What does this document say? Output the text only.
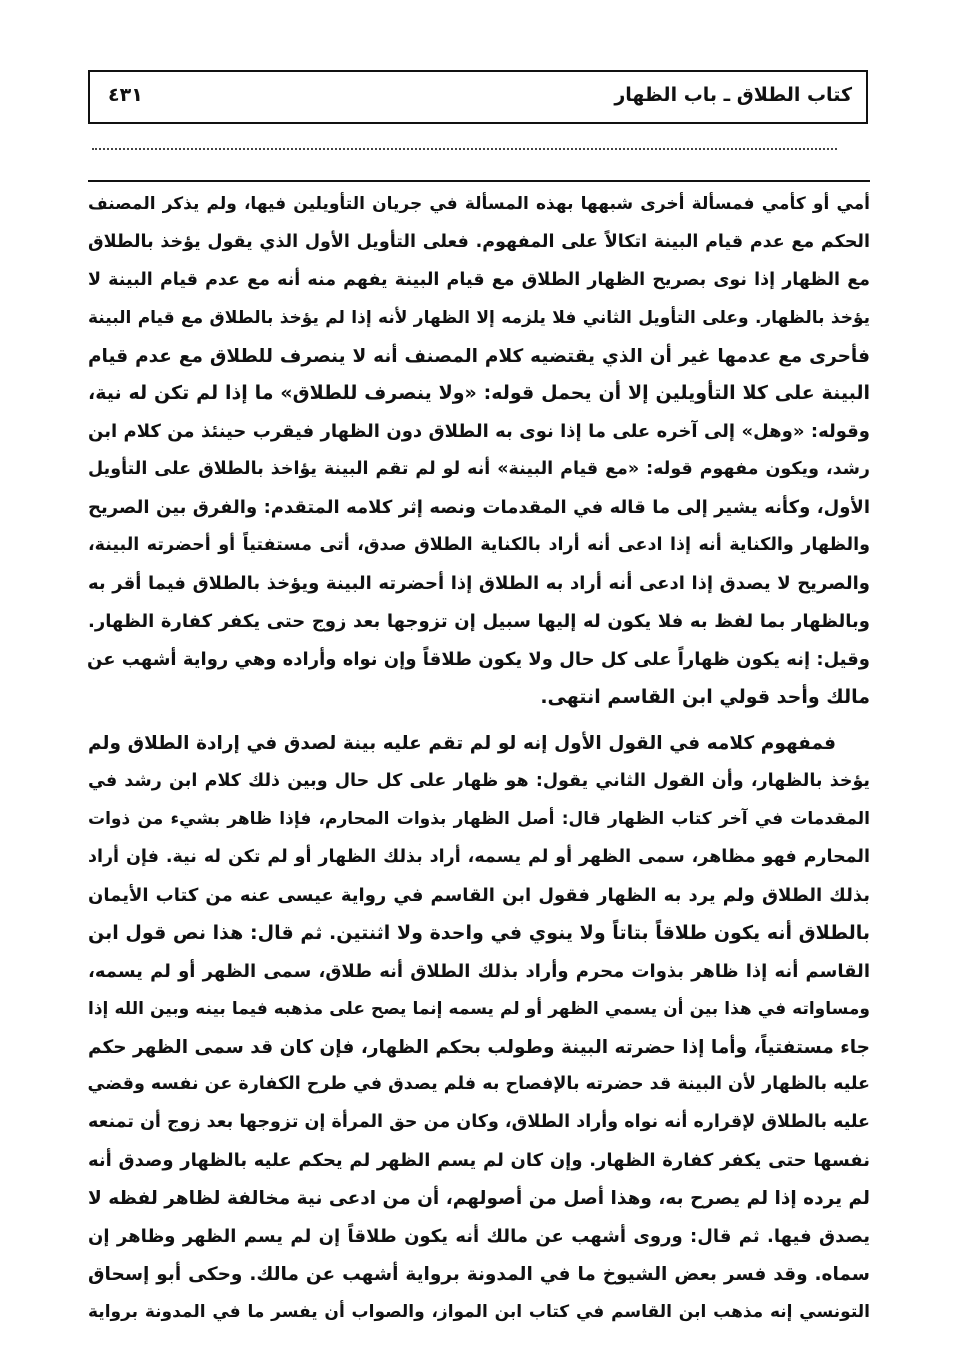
كتاب الطلاق ـ باب الظهار
٤٣١
أمي أو كأمي فمسألة أخرى شبهها بهذه المسألة في جريان التأويلين فيها، ولم يذكر المصنف
الحكم مع عدم قيام البينة اتكالاً على المفهوم. فعلى التأويل الأول الذي يقول يؤخذ بالطلاق
مع الظهار إذا نوى بصريح الظهار الطلاق مع قيام البينة يفهم منه أنه مع عدم قيام البينة لا
يؤخذ بالظهار. وعلى التأويل الثاني فلا يلزمه إلا الظهار لأنه إذا لم يؤخذ بالطلاق مع قيام البينة
فأحرى مع عدمها غير أن الذي يقتضيه كلام المصنف أنه لا ينصرف للطلاق مع عدم قيام
البينة على كلا التأويلين إلا أن يحمل قوله: «ولا ينصرف للطلاق» ما إذا لم تكن له نية،
وقوله: «وهل» إلى آخره على ما إذا نوى به الطلاق دون الظهار فيقرب حينئذ من كلام ابن
رشد، ويكون مفهوم قوله: «مع قيام البينة» أنه لو لم تقم البينة يؤاخذ بالطلاق على التأويل
الأول، وكأنه يشير إلى ما قاله في المقدمات ونصه إثر كلامه المتقدم: والفرق بين الصريح
والظهار والكناية أنه إذا ادعى أنه أراد بالكناية الطلاق صدق، أتى مستفتياً أو أحضرته البينة،
والصريح لا يصدق إذا ادعى أنه أراد به الطلاق إذا أحضرته البينة ويؤخذ بالطلاق فيما أقر به
وبالظهار بما لفظ به فلا يكون له إليها سبيل إن تزوجها بعد زوج حتى يكفر كفارة الظهار.
وقيل: إنه يكون ظهاراً على كل حال ولا يكون طلاقاً وإن نواه وأراده وهي رواية أشهب عن
مالك وأحد قولي ابن القاسم انتهى.
فمفهوم كلامه في القول الأول إنه لو لم تقم عليه بينة لصدق في إرادة الطلاق ولم
يؤخذ بالظهار، وأن القول الثاني يقول: هو ظهار على كل حال وبين ذلك كلام ابن رشد في
المقدمات في آخر كتاب الظهار قال: أصل الظهار بذوات المحارم، فإذا ظاهر بشيء من ذوات
المحارم فهو مظاهر، سمى الظهر أو لم يسمه، أراد بذلك الظهار أو لم تكن له نية. فإن أراد
بذلك الطلاق ولم يرد به الظهار فقول ابن القاسم في رواية عيسى عنه من كتاب الأيمان
بالطلاق أنه يكون طلاقاً بتاتاً ولا ينوي في واحدة ولا اثنتين. ثم قال: هذا نص قول ابن
القاسم أنه إذا ظاهر بذوات محرم وأراد بذلك الطلاق أنه طلاق، سمى الظهر أو لم يسمه،
ومساواته في هذا بين أن يسمي الظهر أو لم يسمه إنما يصح على مذهبه فيما بينه وبين الله إذا
جاء مستفتياً، وأما إذا حضرته البينة وطولب بحكم الظهار، فإن كان قد سمى الظهر حكم
عليه بالظهار لأن البينة قد حضرته بالإفصاح به فلم يصدق في طرح الكفارة عن نفسه وقضي
عليه بالطلاق لإقراره أنه نواه وأراد الطلاق، وكان من حق المرأة إن تزوجها بعد زوج أن تمنعه
نفسها حتى يكفر كفارة الظهار. وإن كان لم يسم الظهر لم يحكم عليه بالظهار وصدق أنه
لم يرده إذا لم يصرح به، وهذا أصل من أصولهم، أن من ادعى نية مخالفة لظاهر لفظه لا
يصدق فيها. ثم قال: وروى أشهب عن مالك أنه يكون طلاقاً إن لم يسم الظهر وظاهر إن
سماه. وقد فسر بعض الشيوخ ما في المدونة برواية أشهب عن مالك. وحكى أبو إسحاق
التونسي إنه مذهب ابن القاسم في كتاب ابن المواز، والصواب أن يفسر ما في المدونة برواية
